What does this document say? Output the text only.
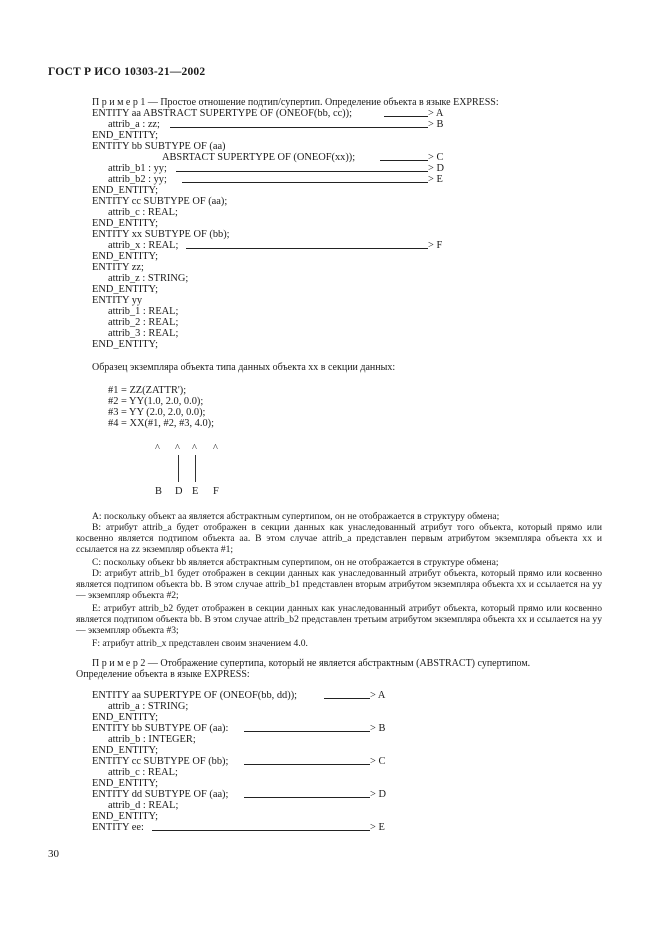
ГОСТ Р ИСО 10303-21—2002
П р и м е р 1 — Простое отношение подтип/супертип. Определение объекта в языке EXPRESS:
ENTITY aa ABSTRACT SUPERTYPE OF (ONEOF(bb, cc));	> A
attrib_a : zz;	> B
END_ENTITY;
ENTITY bb SUBTYPE OF (aa)
ABSRTACT SUPERTYPE OF (ONEOF(xx));	> C
attrib_b1 : yy;	> D
attrib_b2 : yy;	> E
END_ENTITY;
ENTITY cc SUBTYPE OF (aa);
attrib_c : REAL;
END_ENTITY;
ENTITY xx SUBTYPE OF (bb);
attrib_x : REAL;	> F
END_ENTITY;
ENTITY zz;
attrib_z : STRING;
END_ENTITY;
ENTITY yy
attrib_1 : REAL;
attrib_2 : REAL;
attrib_3 : REAL;
END_ENTITY;
Образец экземпляра объекта типа данных объекта xx в секции данных:
#1 = ZZ(ZATTR');
#2 = YY(1.0, 2.0, 0.0);
#3 = YY (2.0, 2.0, 0.0);
#4 = XX(#1, #2, #3, 4.0);
^ ^ ^ ^
B D E F
A: поскольку объект aa является абстрактным супертипом, он не отображается в структуру обмена;
B: атрибут attrib_a будет отображен в секции данных как унаследованный атрибут того объекта, который прямо или косвенно является подтипом объекта aa. В этом случае attrib_a представлен первым атрибутом экземпляра объекта xx и ссылается на zz экземпляр объекта #1;
C: поскольку объекr bb является абстрактным супертипом, он не отображается в структуре обмена;
D: атрибут attrib_b1 будет отображен в секции данных как унаследованный атрибут объекта, который прямо или косвенно является подтипом объекта bb. В этом случае attrib_b1 представлен вторым атрибутом экземпляра объекта xx и ссылается на yy — экземпляр объекта #2;
E: атрибут attrib_b2 будет отображен в секции данных как унаследованный атрибут объекта, который прямо или косвенно является подтипом объекта bb. В этом случае attrib_b2 представлен третьим атрибутом экземпляра объекта xx и ссылается на yy — экземпляр объекта #3;
F: атрибут attrib_x представлен своим значением 4.0.
П р и м е р 2 — Отображение супертипа, который не является абстрактным (ABSTRACT) супертипом.
Определение объекта в языке EXPRESS:
ENTITY aa SUPERTYPE OF (ONEOF(bb, dd));	> A
attrib_a : STRING;
END_ENTITY;
ENTITY bb SUBTYPE OF (aa):	> B
attrib_b : INTEGER;
END_ENTITY;
ENTITY cc SUBTYPE OF (bb);	> C
attrib_c : REAL;
END_ENTITY;
ENTITY dd SUBTYPE OF (aa);	> D
attrib_d : REAL;
END_ENTITY;
ENTITY ee:	> E
30
